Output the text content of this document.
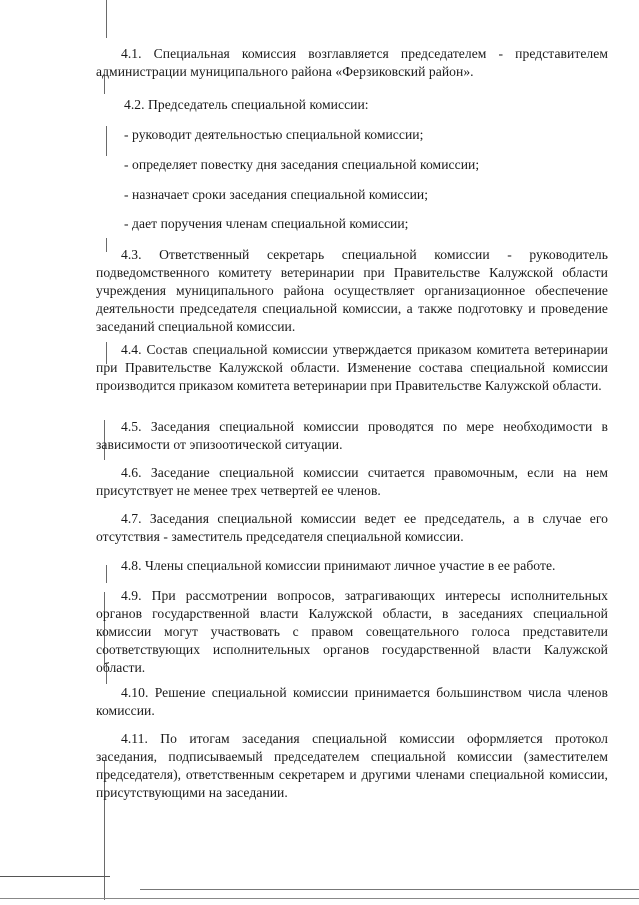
4.1. Специальная комиссия возглавляется председателем - представителем администрации муниципального района «Ферзиковский район».

4.2. Председатель специальной комиссии:

- руководит деятельностью специальной комиссии;

- определяет повестку дня заседания специальной комиссии;

- назначает сроки заседания специальной комиссии;

- дает поручения членам специальной комиссии;

4.3. Ответственный секретарь специальной комиссии - руководитель подведомственного комитету ветеринарии при Правительстве Калужской области учреждения муниципального района осуществляет организационное обеспечение деятельности председателя специальной комиссии, а также подготовку и проведение заседаний специальной комиссии.

4.4. Состав специальной комиссии утверждается приказом комитета ветеринарии при Правительстве Калужской области. Изменение состава специальной комиссии производится приказом комитета ветеринарии при Правительстве Калужской области.

4.5. Заседания специальной комиссии проводятся по мере необходимости в зависимости от эпизоотической ситуации.

4.6. Заседание специальной комиссии считается правомочным, если на нем присутствует не менее трех четвертей ее членов.

4.7. Заседания специальной комиссии ведет ее председатель, а в случае его отсутствия - заместитель председателя специальной комиссии.

4.8. Члены специальной комиссии принимают личное участие в ее работе.

4.9. При рассмотрении вопросов, затрагивающих интересы исполнительных органов государственной власти Калужской области, в заседаниях специальной комиссии могут участвовать с правом совещательного голоса представители соответствующих исполнительных органов государственной власти Калужской области.

4.10. Решение специальной комиссии принимается большинством числа членов комиссии.

4.11. По итогам заседания специальной комиссии оформляется протокол заседания, подписываемый председателем специальной комиссии (заместителем председателя), ответственным секретарем и другими членами специальной комиссии, присутствующими на заседании.
